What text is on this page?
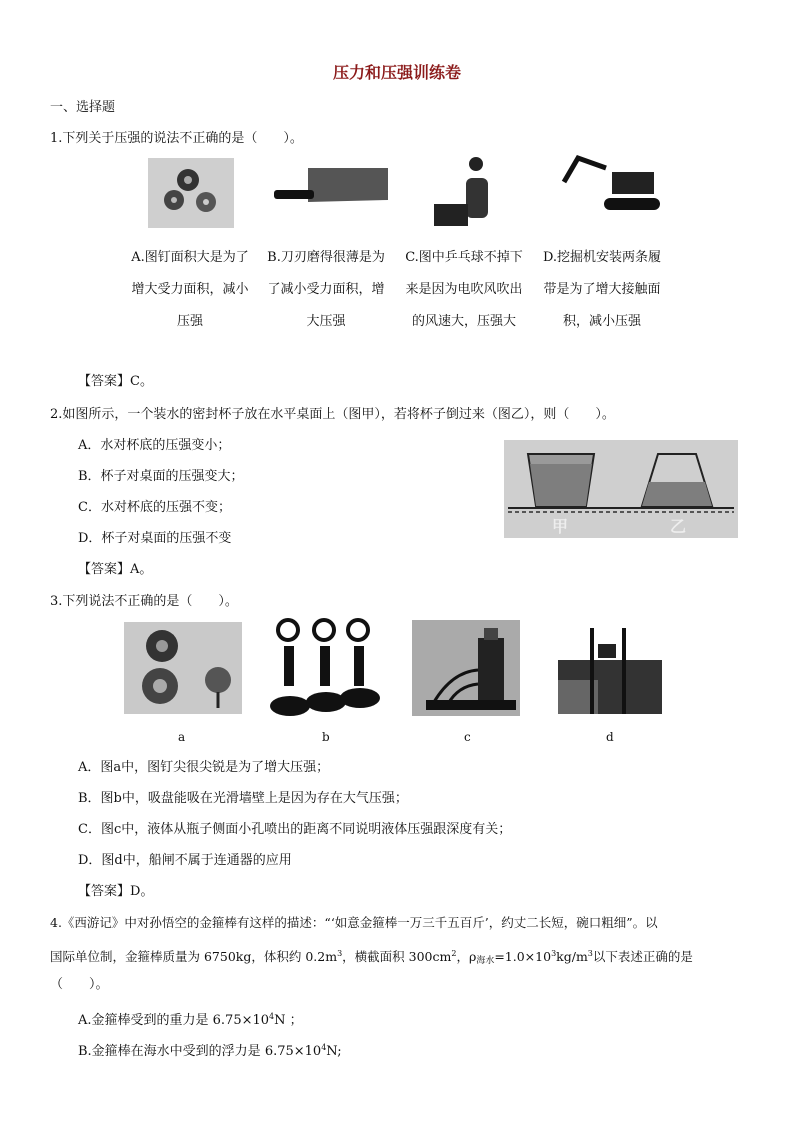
压力和压强训练卷
一、选择题
1.下列关于压强的说法不正确的是（　　）。
A.图钉面积大是为了增大受力面积，减小压强
B.刀刃磨得很薄是为了减小受力面积，增大压强
C.图中乒乓球不掉下来是因为电吹风吹出的风速大，压强大
D.挖掘机安装两条履带是为了增大接触面积，减小压强
【答案】C。
2.如图所示，一个装水的密封杯子放在水平桌面上（图甲），若将杯子倒过来（图乙），则（　　）。
A．水对杯底的压强变小；
B．杯子对桌面的压强变大；
C．水对杯底的压强不变；
D．杯子对桌面的压强不变
【答案】A。
甲	乙
3.下列说法不正确的是（　　）。
a	b	c	d
A．图a中，图钉尖很尖锐是为了增大压强；
B．图b中，吸盘能吸在光滑墙壁上是因为存在大气压强；
C．图c中，液体从瓶子侧面小孔喷出的距离不同说明液体压强跟深度有关；
D．图d中，船闸不属于连通器的应用
【答案】D。
4.《西游记》中对孙悟空的金箍棒有这样的描述：“‘如意金箍棒一万三千五百斤’，约丈二长短，碗口粗细”。以
国际单位制，金箍棒质量为 6750kg，体积约 $0.2m^3$，横截面积 $300cm^2$，$\rho_{海水}=1.0\times 10^3kg/m^3$以下表述正确的是
（　　）。
A.金箍棒受到的重力是 $6.75\times 10^4N$ ；
B.金箍棒在海水中受到的浮力是 $6.75\times 10^4N$;
